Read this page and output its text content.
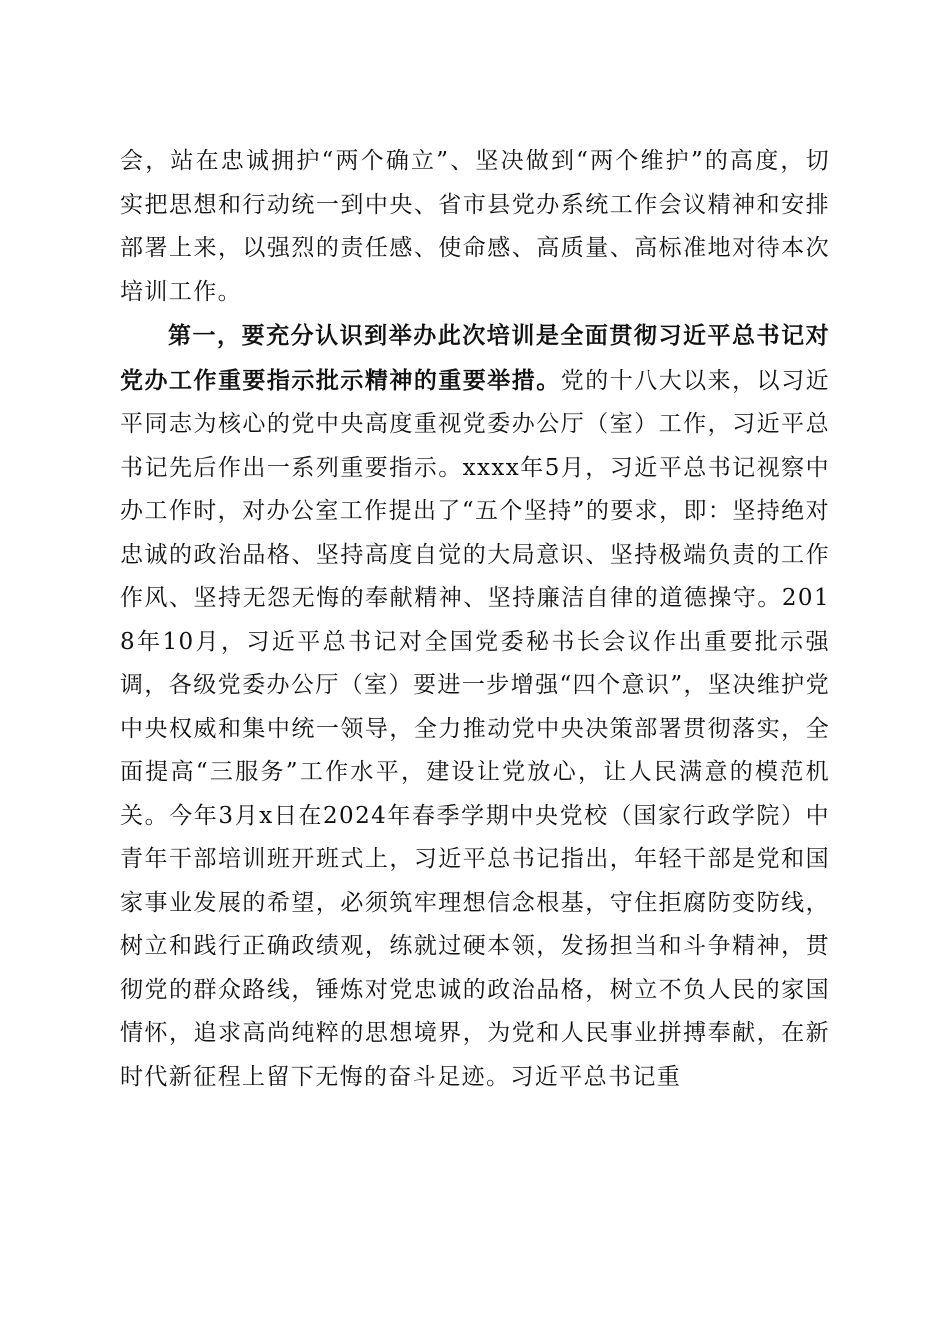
会，站在忠诚拥护“两个确立”、坚决做到“两个维护”的高度，切实把思想和行动统一到中央、省市县党办系统工作会议精神和安排部署上来，以强烈的责任感、使命感、高质量、高标准地对待本次培训工作。

第一，要充分认识到举办此次培训是全面贯彻习近平总书记对党办工作重要指示批示精神的重要举措。党的十八大以来，以习近平同志为核心的党中央高度重视党委办公厅（室）工作，习近平总书记先后作出一系列重要指示。xxxx年5月，习近平总书记视察中办工作时，对办公室工作提出了“五个坚持”的要求，即：坚持绝对忠诚的政治品格、坚持高度自觉的大局意识、坚持极端负责的工作作风、坚持无怨无悔的奉献精神、坚持廉洁自律的道德操守。2018年10月，习近平总书记对全国党委秘书长会议作出重要批示强调，各级党委办公厅（室）要进一步增强“四个意识”，坚决维护党中央权威和集中统一领导，全力推动党中央决策部署贯彻落实，全面提高“三服务”工作水平，建设让党放心，让人民满意的模范机关。今年3月x日在2024年春季学期中央党校（国家行政学院）中青年干部培训班开班式上，习近平总书记指出，年轻干部是党和国家事业发展的希望，必须筑牢理想信念根基，守住拒腐防变防线，树立和践行正确政绩观，练就过硬本领，发扬担当和斗争精神，贯彻党的群众路线，锤炼对党忠诚的政治品格，树立不负人民的家国情怀，追求高尚纯粹的思想境界，为党和人民事业拼搏奉献，在新时代新征程上留下无悔的奋斗足迹。习近平总书记重
